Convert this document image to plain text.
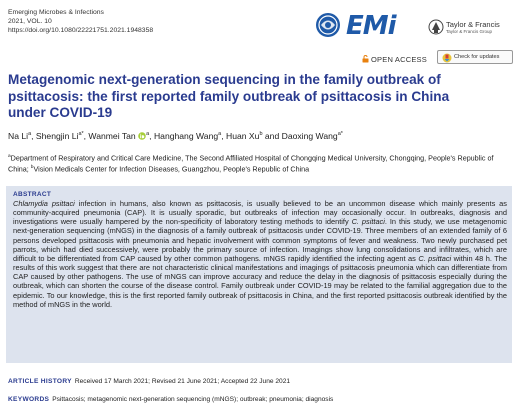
Emerging Microbes & Infections
2021, VOL. 10
https://doi.org/10.1080/22221751.2021.1948358	EMi	Taylor & Francis
Taylor & Francis Group
OPEN ACCESS	Check for updates
Metagenomic next-generation sequencing in the family outbreak of psittacosis: the first reported family outbreak of psittacosis in China under COVID-19
Na Li$^a$, Shengjin $Li^{a*}$, Wanmei Tan $^a$, Hanghang Wang$^a$, Huan Xu$^b$ and Daoxing Wang$^{a*}$
$^a$Department of Respiratory and Critical Care Medicine, The Second Affiliated Hospital of Chongqing Medical University, Chongqing, People's Republic of China; $^b$Vision Medicals Center for Infection Diseases, Guangzhou, People's Republic of China
ABSTRACT

Chlamydia psittaci infection in humans, also known as psittacosis, is usually believed to be an uncommon disease which mainly presents as community-acquired pneumonia (CAP). It is usually sporadic, but outbreaks of infection may occasionally occur. In outbreaks, diagnosis and investigations were usually hampered by the non-specificity of laboratory testing methods to identify C. psittaci. In this study, we use metagenomic next-generation sequencing (mNGS) in the diagnosis of a family outbreak of psittacosis under COVID-19. Three members of an extended family of 6 persons developed psittacosis with pneumonia and hepatic involvement with common symptoms of fever and weakness. Two newly purchased pet parrots, which had died successively, were probably the primary source of infection. Imagings show lung consolidations and infiltrates, which are difficult to be differentiated from CAP caused by other common pathogens. mNGS rapidly identified the infecting agent as C. psittaci within 48 h. The results of this work suggest that there are not characteristic clinical manifestations and imagings of psittacosis pneumonia which can differentiate from CAP caused by other pathogens. The use of mNGS can improve accuracy and reduce the delay in the diagnosis of psittacosis especially during the outbreak, which can shorten the course of the disease control. Family outbreak under COVID-19 may be related to the familial aggregation due to the epidemic. To our knowledge, this is the first reported family outbreak of psittacosis in China, and the first reported psittacosis outbreak identified by the method of mNGS in the world.

ARTICLE HISTORY Received 17 March 2021; Revised 21 June 2021; Accepted 22 June 2021
KEYWORDS Psittacosis; metagenomic next-generation sequencing (mNGS); outbreak; pneumonia; diagnosis
